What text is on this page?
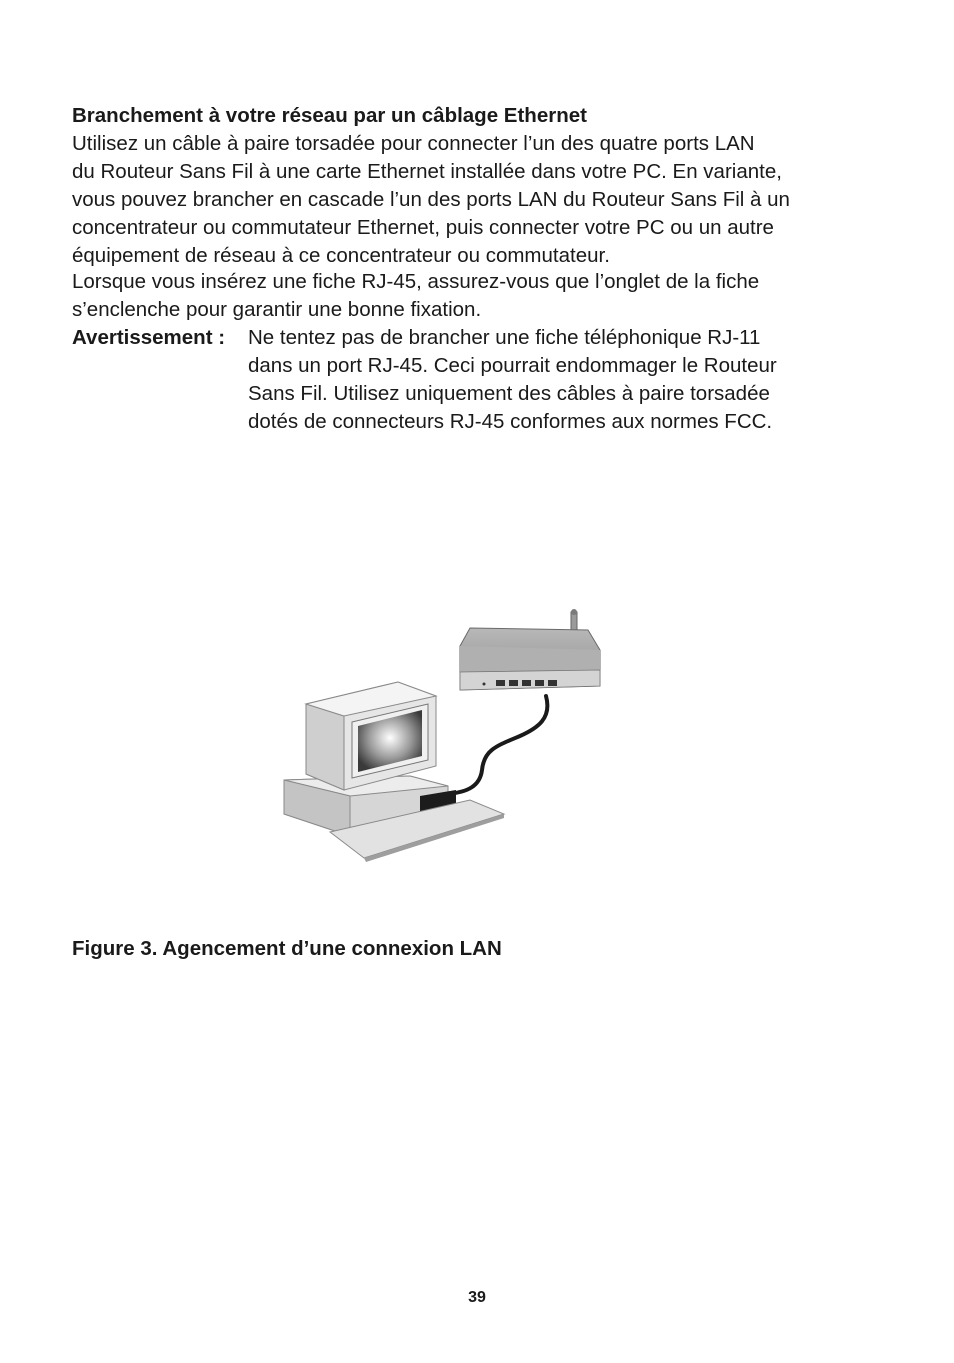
Branchement à votre réseau par un câblage Ethernet
Utilisez un câble à paire torsadée pour connecter l’un des quatre ports LAN
du Routeur Sans Fil à une carte Ethernet installée dans votre PC. En variante,
vous pouvez brancher en cascade l’un des ports LAN du Routeur Sans Fil à un
concentrateur ou commutateur Ethernet, puis connecter votre PC ou un autre
équipement de réseau à ce concentrateur ou commutateur.
Lorsque vous insérez une fiche RJ-45, assurez-vous que l’onglet de la fiche
s’enclenche pour garantir une bonne fixation.
Avertissement : Ne tentez pas de brancher une fiche téléphonique RJ-11
dans un port RJ-45. Ceci pourrait endommager le Routeur
Sans Fil. Utilisez uniquement des câbles à paire torsadée
dotés de connecteurs RJ-45 conformes aux normes FCC.
Figure 3. Agencement d’une connexion LAN
39
